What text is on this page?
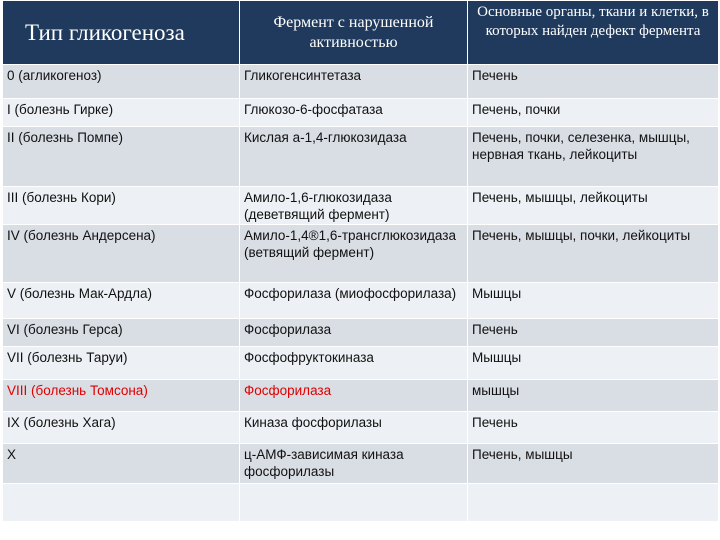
Тип гликогеноза	Фермент с нарушенной активностью	Основные органы, ткани и клетки, в которых найден дефект фермента
0 (агликогеноз)	Гликогенсинтетаза	Печень
I (болезнь Гирке)	Глюкозо-6-фосфатаза	Печень, почки
II (болезнь Помпе)	Кислая а-1,4-глюкозидаза	Печень, почки, селезенка, мышцы, нервная ткань, лейкоциты
III (болезнь Кори)	Амило-1,6-глюкозидаза (деветвящий фермент)	Печень, мышцы, лейкоциты
IV (болезнь Андерсена)	Амило-1,4®1,6-трансглюкозидаза (ветвящий фермент)	Печень, мышцы, почки, лейкоциты
V (болезнь Мак-Ардла)	Фосфорилаза (миофосфорилаза)	Мышцы
VI (болезнь Герса)	Фосфорилаза	Печень
VII (болезнь Таруи)	Фосфофруктокиназа	Мышцы
VIII (болезнь Томсона)	Фосфорилаза	мышцы
IX (болезнь Хага)	Киназа фосфорилазы	Печень
X	ц-АМФ-зависимая киназа фосфорилазы	Печень, мышцы
